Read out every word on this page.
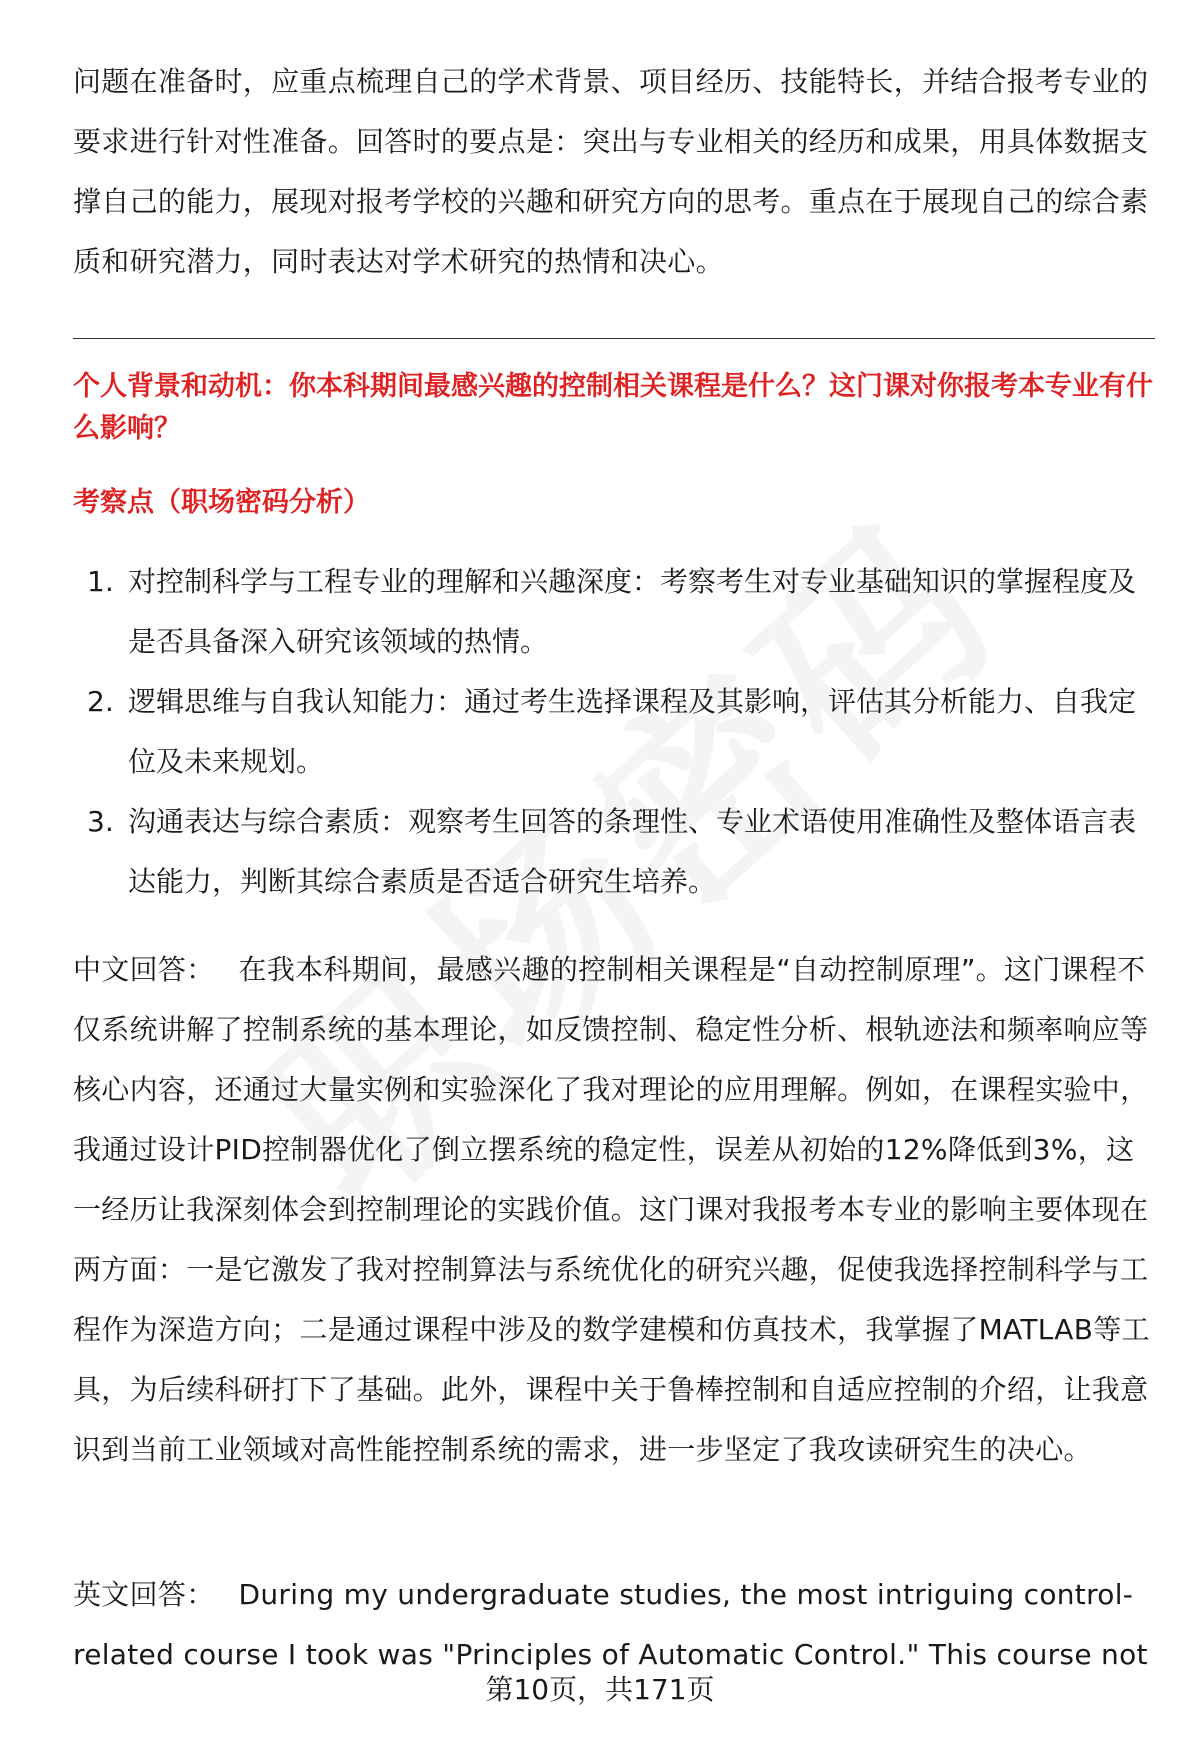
问题在准备时，应重点梳理自己的学术背景、项目经历、技能特长，并结合报考专业的要求进行针对性准备。回答时的要点是：突出与专业相关的经历和成果，用具体数据支撑自己的能力，展现对报考学校的兴趣和研究方向的思考。重点在于展现自己的综合素质和研究潜力，同时表达对学术研究的热情和决心。

个人背景和动机：你本科期间最感兴趣的控制相关课程是什么？这门课对你报考本专业有什么影响？

考察点（职场密码分析）

1. 对控制科学与工程专业的理解和兴趣深度：考察考生对专业基础知识的掌握程度及是否具备深入研究该领域的热情。
2. 逻辑思维与自我认知能力：通过考生选择课程及其影响，评估其分析能力、自我定位及未来规划。
3. 沟通表达与综合素质：观察考生回答的条理性、专业术语使用准确性及整体语言表达能力，判断其综合素质是否适合研究生培养。

中文回答： 在我本科期间，最感兴趣的控制相关课程是“自动控制原理”。这门课程不仅系统讲解了控制系统的基本理论，如反馈控制、稳定性分析、根轨迹法和频率响应等核心内容，还通过大量实例和实验深化了我对理论的应用理解。例如，在课程实验中，我通过设计PID控制器优化了倒立摆系统的稳定性，误差从初始的12%降低到3%，这一经历让我深刻体会到控制理论的实践价值。这门课对我报考本专业的影响主要体现在两方面：一是它激发了我对控制算法与系统优化的研究兴趣，促使我选择控制科学与工程作为深造方向；二是通过课程中涉及的数学建模和仿真技术，我掌握了MATLAB等工具，为后续科研打下了基础。此外，课程中关于鲁棒控制和自适应控制的介绍，让我意识到当前工业领域对高性能控制系统的需求，进一步坚定了我攻读研究生的决心。

英文回答： During my undergraduate studies, the most intriguing control-related course I took was "Principles of Automatic Control." This course not

第10页，共171页
